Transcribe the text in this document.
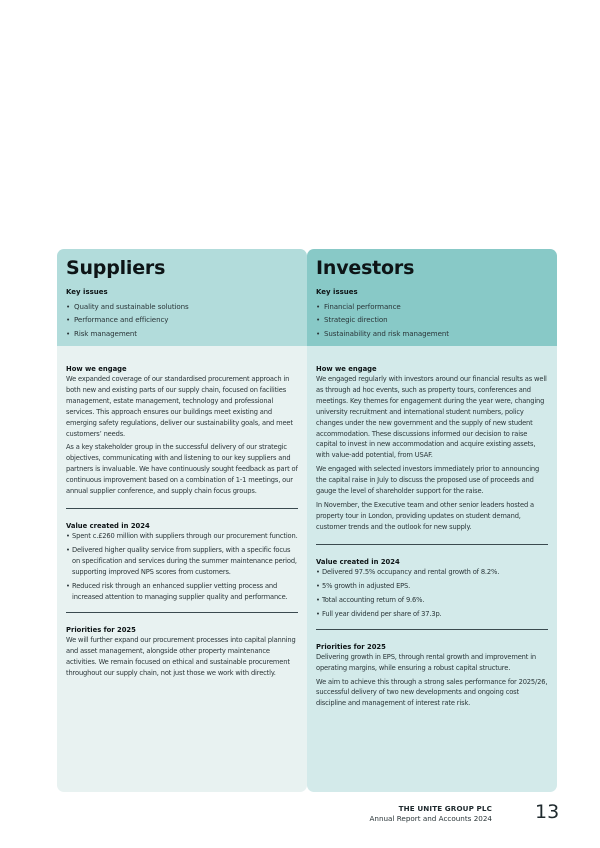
Suppliers
Key issues
• Quality and sustainable solutions
• Performance and efficiency
• Risk management
How we engage

We expanded coverage of our standardised procurement approach in both new and existing parts of our supply chain, focused on facilities management, estate management, technology and professional services. This approach ensures our buildings meet existing and emerging safety regulations, deliver our sustainability goals, and meet customers’ needs.

As a key stakeholder group in the successful delivery of our strategic objectives, communicating with and listening to our key suppliers and partners is invaluable. We have continuously sought feedback as part of continuous improvement based on a combination of 1-1 meetings, our annual supplier conference, and supply chain focus groups.

Value created in 2024
• Spent c.£260 million with suppliers through our procurement function.
• Delivered higher quality service from suppliers, with a specific focus on specification and services during the summer maintenance period, supporting improved NPS scores from customers.
• Reduced risk through an enhanced supplier vetting process and increased attention to managing supplier quality and performance.
Priorities for 2025

We will further expand our procurement processes into capital planning and asset management, alongside other property maintenance activities. We remain focused on ethical and sustainable procurement throughout our supply chain, not just those we work with directly.

Investors
Key issues
• Financial performance
• Strategic direction
• Sustainability and risk management
How we engage

We engaged regularly with investors around our financial results as well as through ad hoc events, such as property tours, conferences and meetings. Key themes for engagement during the year were, changing university recruitment and international student numbers, policy changes under the new government and the supply of new student accommodation. These discussions informed our decision to raise capital to invest in new accommodation and acquire existing assets, with value-add potential, from USAF.

We engaged with selected investors immediately prior to announcing the capital raise in July to discuss the proposed use of proceeds and gauge the level of shareholder support for the raise.

In November, the Executive team and other senior leaders hosted a property tour in London, providing updates on student demand, customer trends and the outlook for new supply.

Value created in 2024
• Delivered 97.5% occupancy and rental growth of 8.2%.
• 5% growth in adjusted EPS.
• Total accounting return of 9.6%.
• Full year dividend per share of 37.3p.
Priorities for 2025

Delivering growth in EPS, through rental growth and improvement in operating margins, while ensuring a robust capital structure.

We aim to achieve this through a strong sales performance for 2025/26, successful delivery of two new developments and ongoing cost discipline and management of interest rate risk.

THE UNITE GROUP PLC
Annual Report and Accounts 2024 13
